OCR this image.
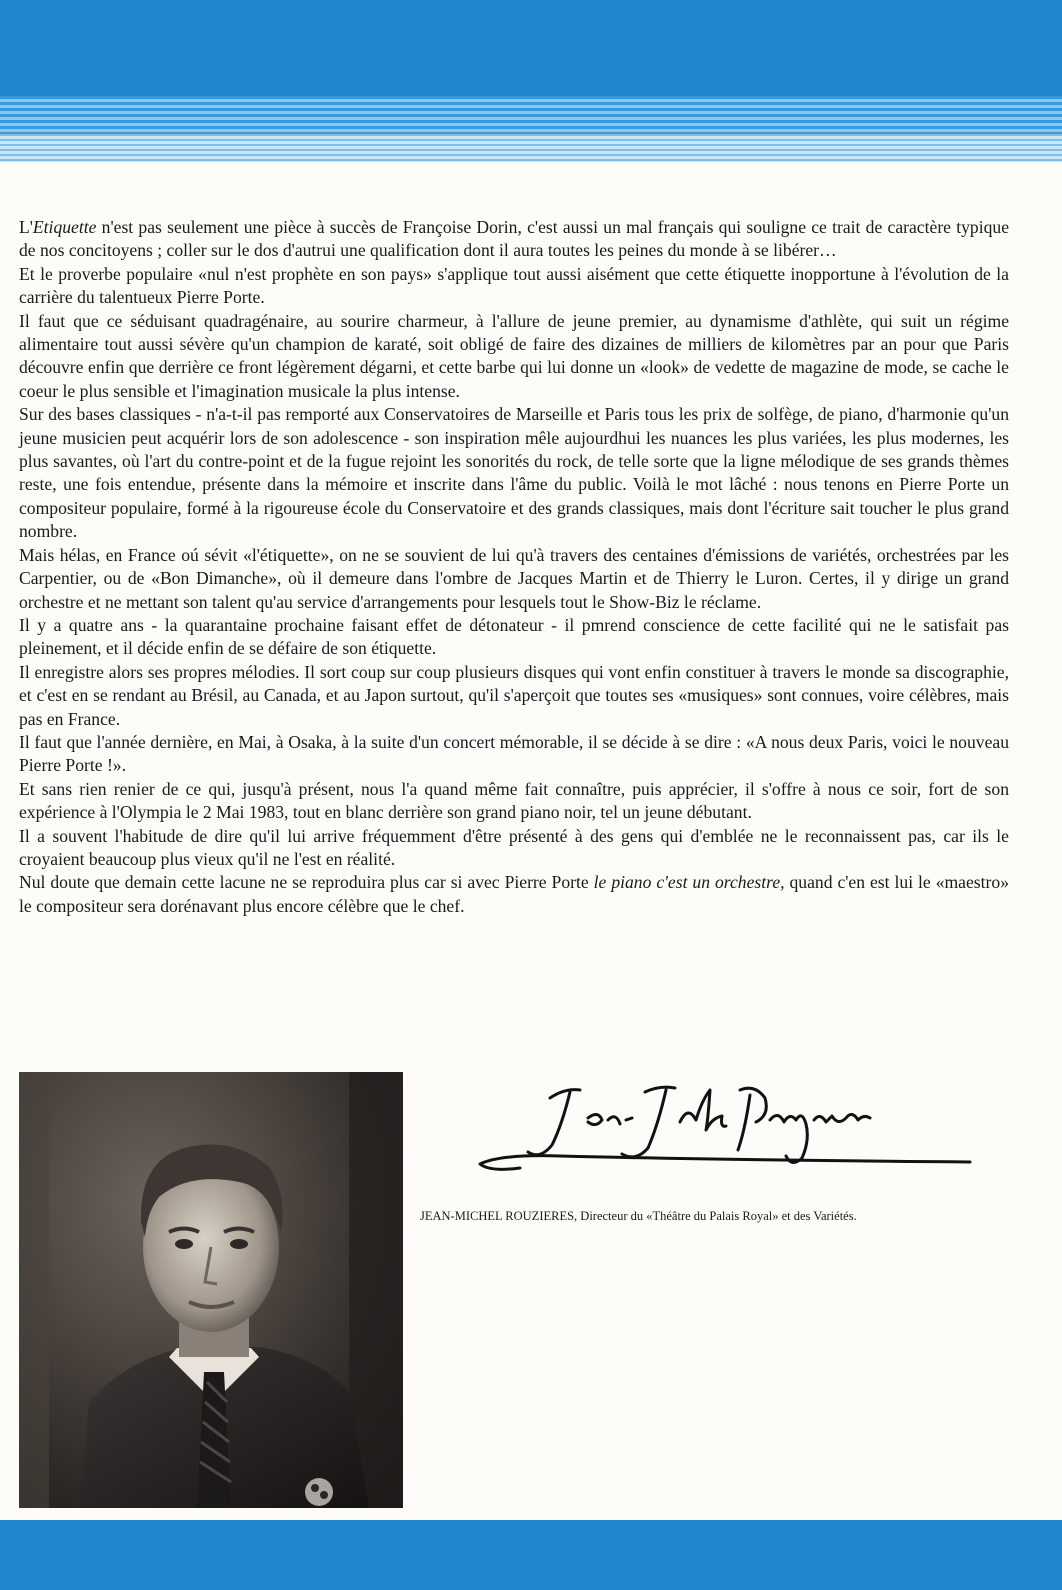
L'Etiquette n'est pas seulement une pièce à succès de Françoise Dorin, c'est aussi un mal français qui souligne ce trait de caractère typique de nos concitoyens ; coller sur le dos d'autrui une qualification dont il aura toutes les peines du monde à se libérer…

Et le proverbe populaire «nul n'est prophète en son pays» s'applique tout aussi aisément que cette étiquette inopportune à l'évolution de la carrière du talentueux Pierre Porte.

Il faut que ce séduisant quadragénaire, au sourire charmeur, à l'allure de jeune premier, au dynamisme d'athlète, qui suit un régime alimentaire tout aussi sévère qu'un champion de karaté, soit obligé de faire des dizaines de milliers de kilomètres par an pour que Paris découvre enfin que derrière ce front légèrement dégarni, et cette barbe qui lui donne un «look» de vedette de magazine de mode, se cache le coeur le plus sensible et l'imagination musicale la plus intense.

Sur des bases classiques - n'a-t-il pas remporté aux Conservatoires de Marseille et Paris tous les prix de solfège, de piano, d'harmonie qu'un jeune musicien peut acquérir lors de son adolescence - son inspiration mêle aujourdhui les nuances les plus variées, les plus modernes, les plus savantes, où l'art du contre-point et de la fugue rejoint les sonorités du rock, de telle sorte que la ligne mélodique de ses grands thèmes reste, une fois entendue, présente dans la mémoire et inscrite dans l'âme du public. Voilà le mot lâché : nous tenons en Pierre Porte un compositeur populaire, formé à la rigoureuse école du Conservatoire et des grands classiques, mais dont l'écriture sait toucher le plus grand nombre.

Mais hélas, en France oú sévit «l'étiquette», on ne se souvient de lui qu'à travers des centaines d'émissions de variétés, orchestrées par les Carpentier, ou de «Bon Dimanche», où il demeure dans l'ombre de Jacques Martin et de Thierry le Luron. Certes, il y dirige un grand orchestre et ne mettant son talent qu'au service d'arrangements pour lesquels tout le Show-Biz le réclame.

Il y a quatre ans - la quarantaine prochaine faisant effet de détonateur - il pmrend conscience de cette facilité qui ne le satisfait pas pleinement, et il décide enfin de se défaire de son étiquette.

Il enregistre alors ses propres mélodies. Il sort coup sur coup plusieurs disques qui vont enfin constituer à travers le monde sa discographie, et c'est en se rendant au Brésil, au Canada, et au Japon surtout, qu'il s'aperçoit que toutes ses «musiques» sont connues, voire célèbres, mais pas en France.

Il faut que l'année dernière, en Mai, à Osaka, à la suite d'un concert mémorable, il se décide à se dire : «A nous deux Paris, voici le nouveau Pierre Porte !».

Et sans rien renier de ce qui, jusqu'à présent, nous l'a quand même fait connaître, puis apprécier, il s'offre à nous ce soir, fort de son expérience à l'Olympia le 2 Mai 1983, tout en blanc derrière son grand piano noir, tel un jeune débutant.

Il a souvent l'habitude de dire qu'il lui arrive fréquemment d'être présenté à des gens qui d'emblée ne le reconnaissent pas, car ils le croyaient beaucoup plus vieux qu'il ne l'est en réalité.

Nul doute que demain cette lacune ne se reproduira plus car si avec Pierre Porte le piano c'est un orchestre, quand c'en est lui le «maestro» le compositeur sera dorénavant plus encore célèbre que le chef.

JEAN-MICHEL ROUZIERES, Directeur du «Théâtre du Palais Royal» et des Variétés.
